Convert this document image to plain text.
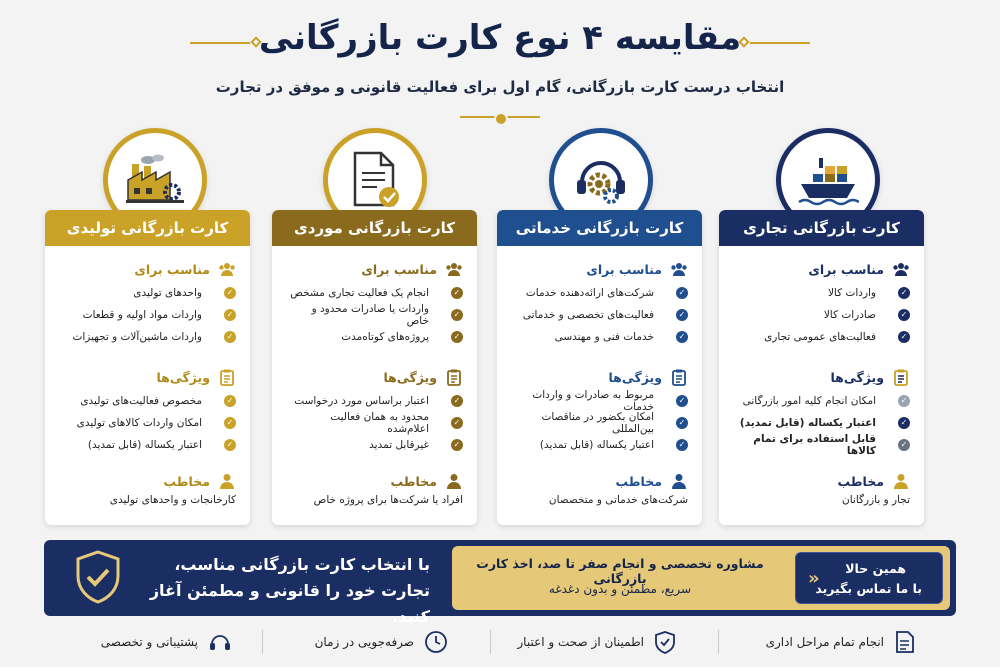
مقایسه ۴ نوع کارت بازرگانی
انتخاب درست کارت بازرگانی، گام اول برای فعالیت قانونی و موفق در تجارت
کارت بازرگانی تجاری
مناسب برای
✓
واردات کالا
✓
صادرات کالا
✓
فعالیت‌های عمومی تجاری
ویژگی‌ها
✓
امکان انجام کلیه امور بازرگانی
✓
اعتبار یکساله (قابل تمدید)
✓
قابل استفاده برای تمام کالاها
مخاطب
تجار و بازرگانان
کارت بازرگانی خدماتی
مناسب برای
✓
شرکت‌های ارائه‌دهنده خدمات
✓
فعالیت‌های تخصصی و خدماتی
✓
خدمات فنی و مهندسی
ویژگی‌ها
✓
مربوط به صادرات و واردات خدمات
✓
امکان بکضور در مناقصات بین‌المللی
✓
اعتبار یکساله (قابل تمدید)
مخاطب
شرکت‌های خدماتی و متخصصان
کارت بازرگانی موردی
مناسب برای
✓
انجام یک فعالیت تجاری مشخص
✓
واردات یا صادرات محدود و خاص
✓
پروژه‌های کوتاه‌مدت
ویژگی‌ها
✓
اعتبار براساس مورد درخواست
✓
محدود به همان فعالیت اعلام‌شده
✓
غیرقابل تمدید
مخاطب
افراد یا شرکت‌ها برای پروژه خاص
کارت بازرگانی تولیدی
مناسب برای
✓
واحدهای تولیدی
✓
واردات مواد اولیه و قطعات
✓
واردات ماشین‌آلات و تجهیزات
ویژگی‌ها
✓
مخصوص فعالیت‌های تولیدی
✓
امکان واردات کالاهای تولیدی
✓
اعتبار یکساله (قابل تمدید)
مخاطب
کارخانجات و واحدهای تولیدی
با انتخاب کارت بازرگانی مناسب،
تجارت خود را قانونی و مطمئن آغاز کنید.
مشاوره تخصصی و انجام صفر تا صد، اخذ کارت بازرگانی
سریع، مطمئن و بدون دغدغه
همین حالا
با ما تماس بگیرید
«
انجام تمام مراحل اداری
اطمینان از صحت و اعتبار
صرفه‌جویی در زمان
پشتیبانی و تخصصی
